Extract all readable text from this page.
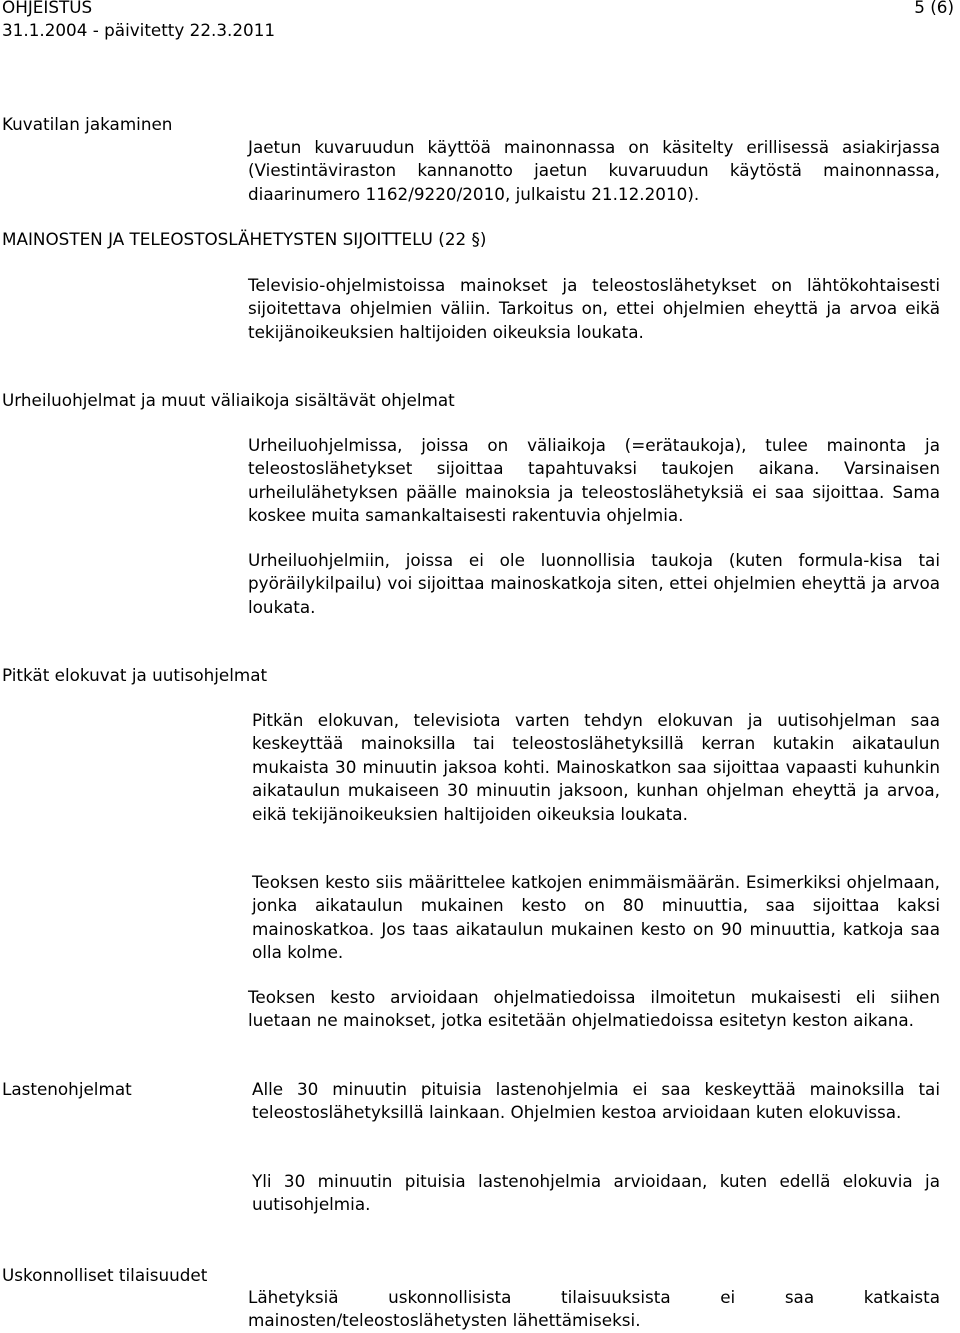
OHJEISTUS	5 (6)
31.1.2004 - päivitetty 22.3.2011
Kuvatilan jakaminen

Jaetun kuvaruudun käyttöä mainonnassa on käsitelty erillisessä asiakirjassa (Viestintäviraston kannanotto jaetun kuvaruudun käytöstä mainonnassa, diaarinumero 1162/9220/2010, julkaistu 21.12.2010).

MAINOSTEN JA TELEOSTOSLÄHETYSTEN SIJOITTELU (22 §)

Televisio-ohjelmistoissa mainokset ja teleostoslähetykset on lähtökohtaisesti sijoitettava ohjelmien väliin. Tarkoitus on, ettei ohjelmien eheyttä ja arvoa eikä tekijänoikeuksien haltijoiden oikeuksia loukata.

Urheiluohjelmat ja muut väliaikoja sisältävät ohjelmat

Urheiluohjelmissa, joissa on väliaikoja (=erätaukoja), tulee mainonta ja teleostoslähetykset sijoittaa tapahtuvaksi taukojen aikana. Varsinaisen urheilulähetyksen päälle mainoksia ja teleostoslähetyksiä ei saa sijoittaa. Sama koskee muita samankaltaisesti rakentuvia ohjelmia.

Urheiluohjelmiin, joissa ei ole luonnollisia taukoja (kuten formula-kisa tai pyöräilykilpailu) voi sijoittaa mainoskatkoja siten, ettei ohjelmien eheyttä ja arvoa loukata.

Pitkät elokuvat ja uutisohjelmat

Pitkän elokuvan, televisiota varten tehdyn elokuvan ja uutisohjelman saa keskeyttää mainoksilla tai teleostoslähetyksillä kerran kutakin aikataulun mukaista 30 minuutin jaksoa kohti. Mainoskatkon saa sijoittaa vapaasti kuhunkin aikataulun mukaiseen 30 minuutin jaksoon, kunhan ohjelman eheyttä ja arvoa, eikä tekijänoikeuksien haltijoiden oikeuksia loukata.

Teoksen kesto siis määrittelee katkojen enimmäismäärän. Esimerkiksi ohjelmaan, jonka aikataulun mukainen kesto on 80 minuuttia, saa sijoittaa kaksi mainoskatkoa. Jos taas aikataulun mukainen kesto on 90 minuuttia, katkoja saa olla kolme.

Teoksen kesto arvioidaan ohjelmatiedoissa ilmoitetun mukaisesti eli siihen luetaan ne mainokset, jotka esitetään ohjelmatiedoissa esitetyn keston aikana.

Lastenohjelmat	Alle 30 minuutin pituisia lastenohjelmia ei saa keskeyttää mainoksilla tai teleostoslähetyksillä lainkaan. Ohjelmien kestoa arvioidaan kuten elokuvissa.

Yli 30 minuutin pituisia lastenohjelmia arvioidaan, kuten edellä elokuvia ja uutisohjelmia.

Uskonnolliset tilaisuudet

Lähetyksiä uskonnollisista tilaisuuksista ei saa katkaista mainosten/teleostoslähetysten lähettämiseksi.
